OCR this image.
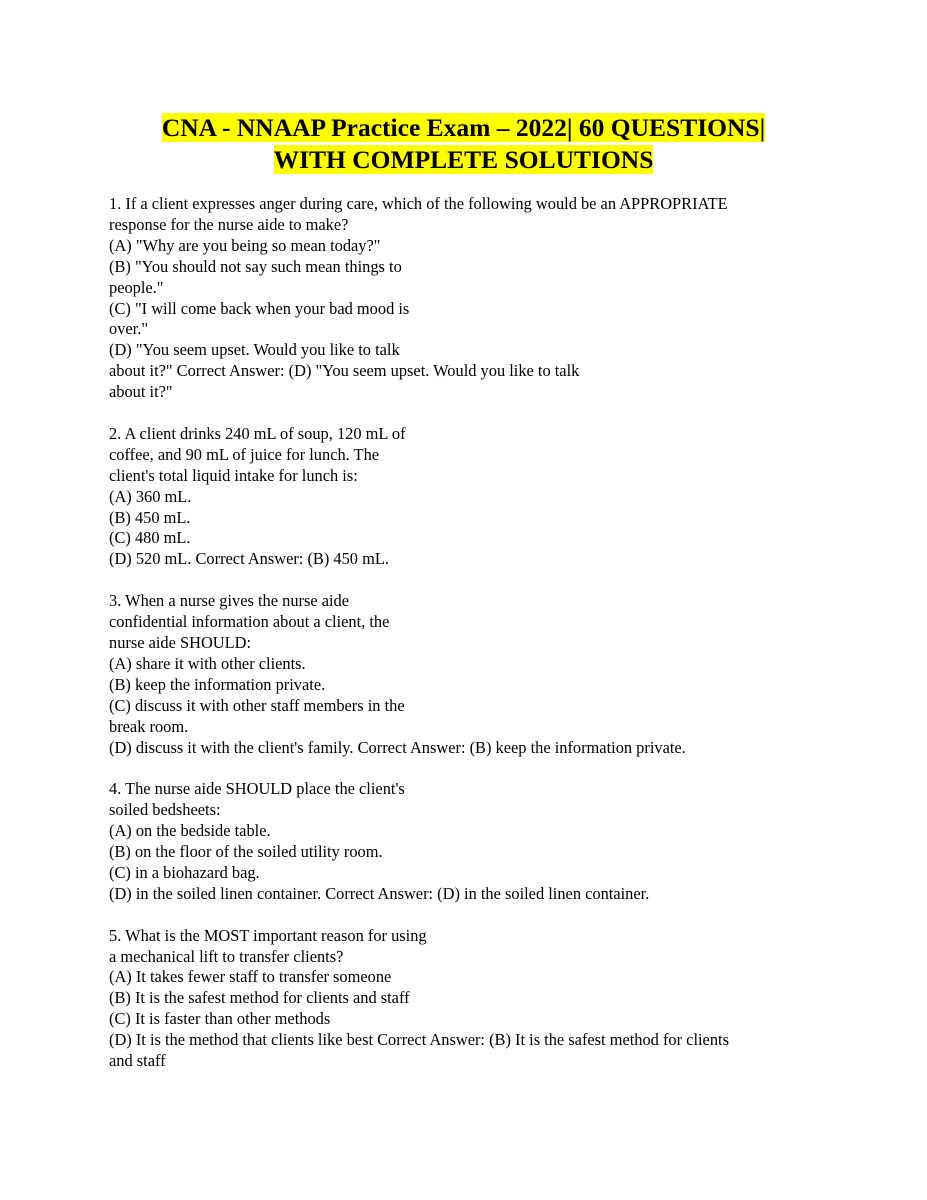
CNA - NNAAP Practice Exam – 2022| 60 QUESTIONS|
WITH COMPLETE SOLUTIONS
1. If a client expresses anger during care, which of the following would be an APPROPRIATE
response for the nurse aide to make?
(A) "Why are you being so mean today?"
(B) "You should not say such mean things to
people."
(C) "I will come back when your bad mood is
over."
(D) "You seem upset. Would you like to talk
about it?" Correct Answer: (D) "You seem upset. Would you like to talk
about it?"
2. A client drinks 240 mL of soup, 120 mL of
coffee, and 90 mL of juice for lunch. The
client's total liquid intake for lunch is:
(A) 360 mL.
(B) 450 mL.
(C) 480 mL.
(D) 520 mL. Correct Answer: (B) 450 mL.
3. When a nurse gives the nurse aide
confidential information about a client, the
nurse aide SHOULD:
(A) share it with other clients.
(B) keep the information private.
(C) discuss it with other staff members in the
break room.
(D) discuss it with the client's family. Correct Answer: (B) keep the information private.
4. The nurse aide SHOULD place the client's
soiled bedsheets:
(A) on the bedside table.
(B) on the floor of the soiled utility room.
(C) in a biohazard bag.
(D) in the soiled linen container. Correct Answer: (D) in the soiled linen container.
5. What is the MOST important reason for using
a mechanical lift to transfer clients?
(A) It takes fewer staff to transfer someone
(B) It is the safest method for clients and staff
(C) It is faster than other methods
(D) It is the method that clients like best Correct Answer: (B) It is the safest method for clients
and staff
